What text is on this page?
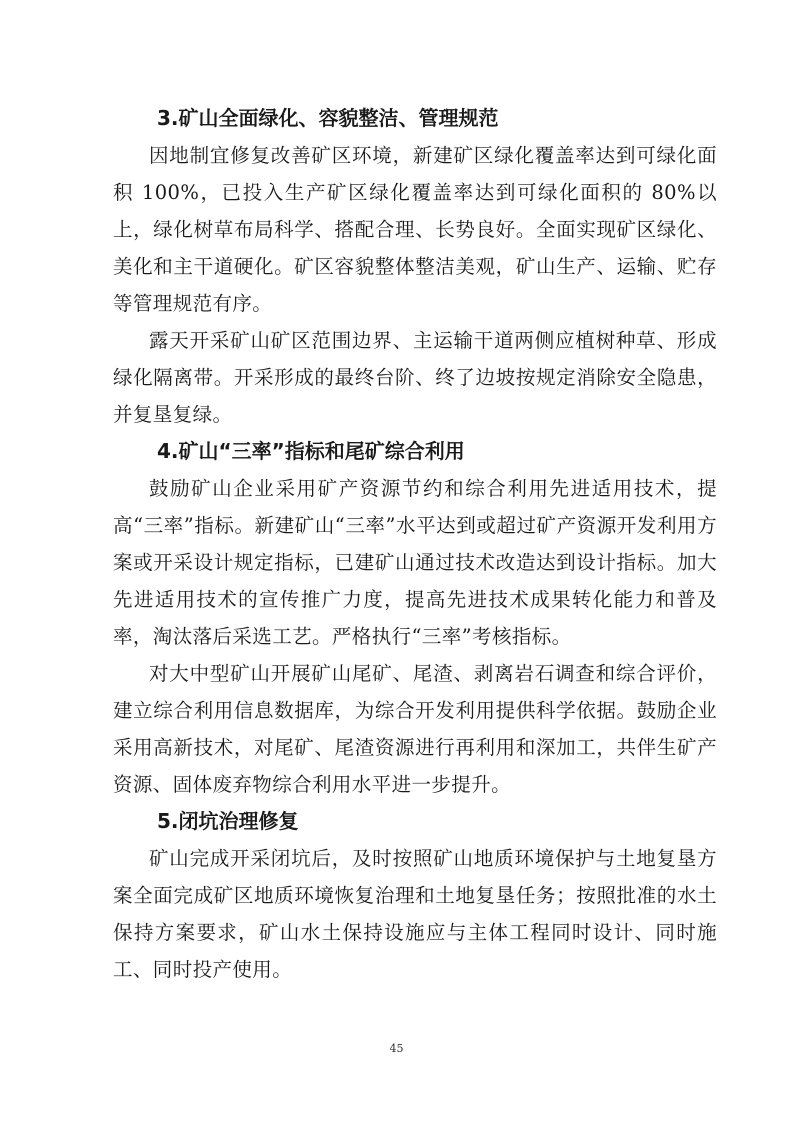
3.矿山全面绿化、容貌整洁、管理规范

因地制宜修复改善矿区环境，新建矿区绿化覆盖率达到可绿化面积 100%，已投入生产矿区绿化覆盖率达到可绿化面积的 80%以上，绿化树草布局科学、搭配合理、长势良好。全面实现矿区绿化、美化和主干道硬化。矿区容貌整体整洁美观，矿山生产、运输、贮存等管理规范有序。

露天开采矿山矿区范围边界、主运输干道两侧应植树种草、形成绿化隔离带。开采形成的最终台阶、终了边坡按规定消除安全隐患，并复垦复绿。

4.矿山“三率”指标和尾矿综合利用

鼓励矿山企业采用矿产资源节约和综合利用先进适用技术，提高“三率”指标。新建矿山“三率”水平达到或超过矿产资源开发利用方案或开采设计规定指标，已建矿山通过技术改造达到设计指标。加大先进适用技术的宣传推广力度，提高先进技术成果转化能力和普及率，淘汰落后采选工艺。严格执行“三率”考核指标。

对大中型矿山开展矿山尾矿、尾渣、剥离岩石调查和综合评价，建立综合利用信息数据库，为综合开发利用提供科学依据。鼓励企业采用高新技术，对尾矿、尾渣资源进行再利用和深加工，共伴生矿产资源、固体废弃物综合利用水平进一步提升。

5.闭坑治理修复

矿山完成开采闭坑后，及时按照矿山地质环境保护与土地复垦方案全面完成矿区地质环境恢复治理和土地复垦任务；按照批准的水土保持方案要求，矿山水土保持设施应与主体工程同时设计、同时施工、同时投产使用。

45
